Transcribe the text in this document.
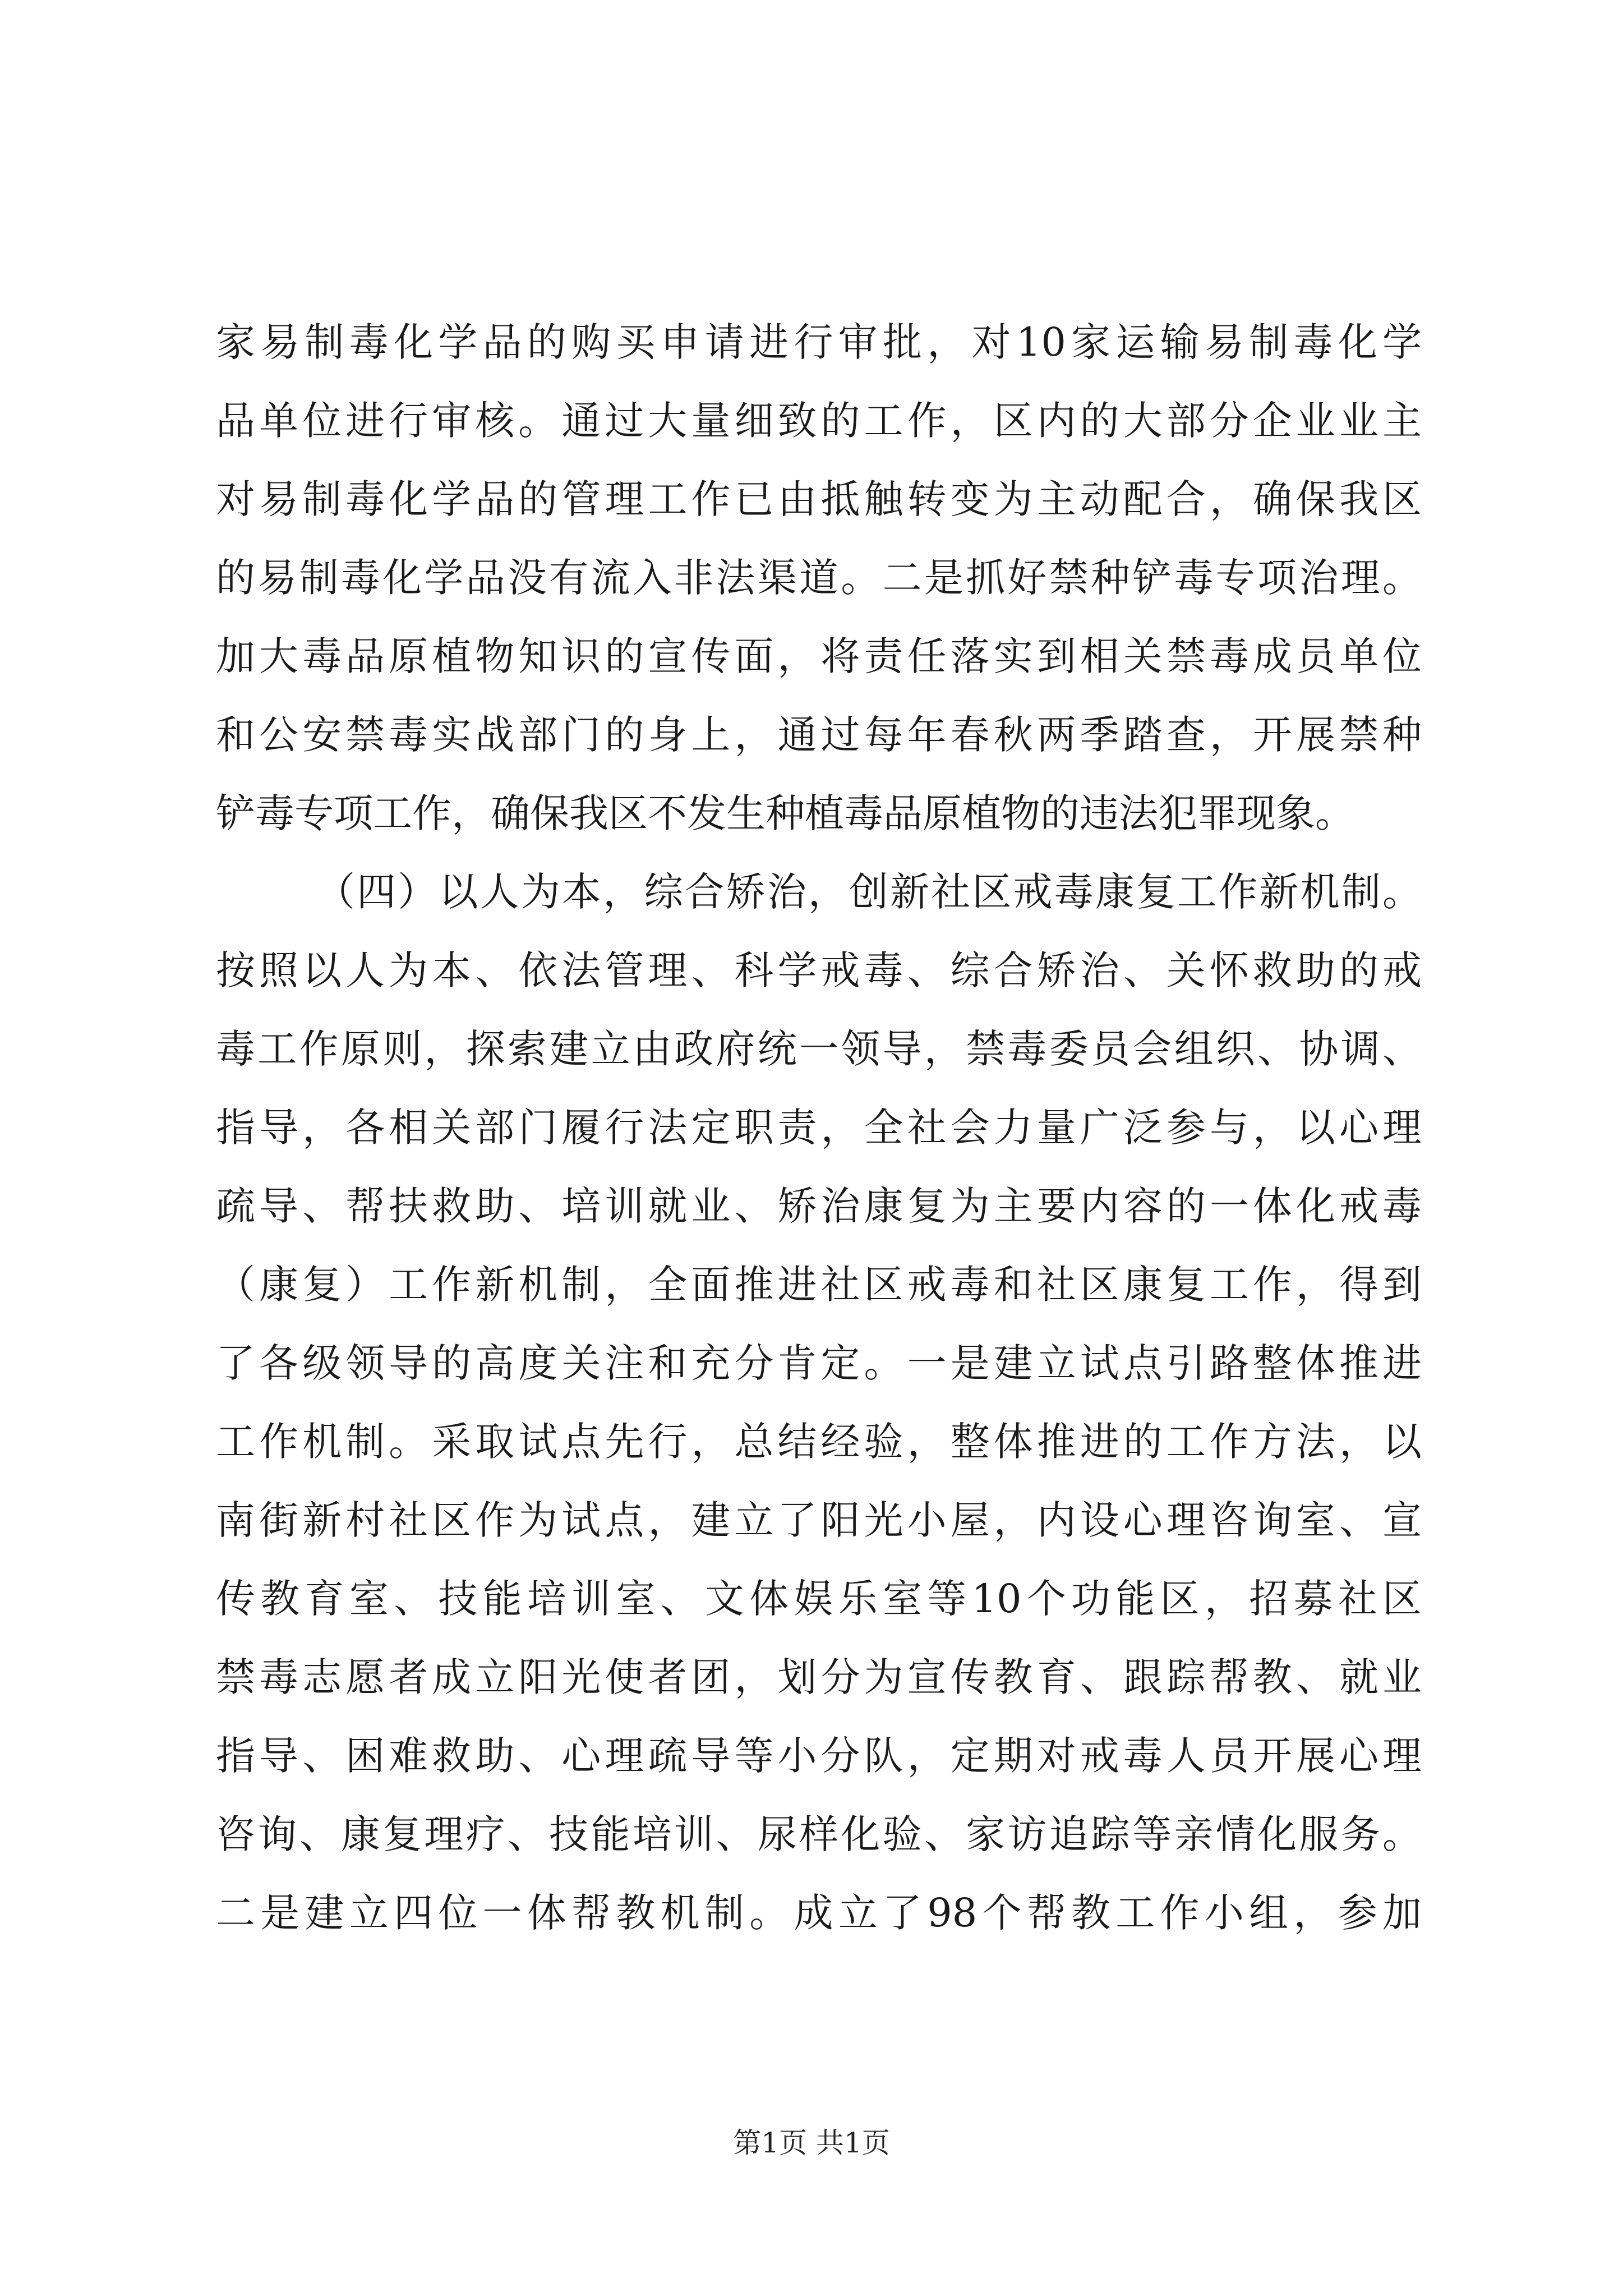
家易制毒化学品的购买申请进行审批，对10家运输易制毒化学
品单位进行审核。通过大量细致的工作，区内的大部分企业业主
对易制毒化学品的管理工作已由抵触转变为主动配合，确保我区
的易制毒化学品没有流入非法渠道。二是抓好禁种铲毒专项治理。
加大毒品原植物知识的宣传面，将责任落实到相关禁毒成员单位
和公安禁毒实战部门的身上，通过每年春秋两季踏查，开展禁种
铲毒专项工作，确保我区不发生种植毒品原植物的违法犯罪现象。
（四）以人为本，综合矫治，创新社区戒毒康复工作新机制。
按照以人为本、依法管理、科学戒毒、综合矫治、关怀救助的戒
毒工作原则，探索建立由政府统一领导，禁毒委员会组织、协调、
指导，各相关部门履行法定职责，全社会力量广泛参与，以心理
疏导、帮扶救助、培训就业、矫治康复为主要内容的一体化戒毒
（康复）工作新机制，全面推进社区戒毒和社区康复工作，得到
了各级领导的高度关注和充分肯定。一是建立试点引路整体推进
工作机制。采取试点先行，总结经验，整体推进的工作方法，以
南街新村社区作为试点，建立了阳光小屋，内设心理咨询室、宣
传教育室、技能培训室、文体娱乐室等10个功能区，招募社区
禁毒志愿者成立阳光使者团，划分为宣传教育、跟踪帮教、就业
指导、困难救助、心理疏导等小分队，定期对戒毒人员开展心理
咨询、康复理疗、技能培训、尿样化验、家访追踪等亲情化服务。
二是建立四位一体帮教机制。成立了98个帮教工作小组，参加
第1页 共1页
